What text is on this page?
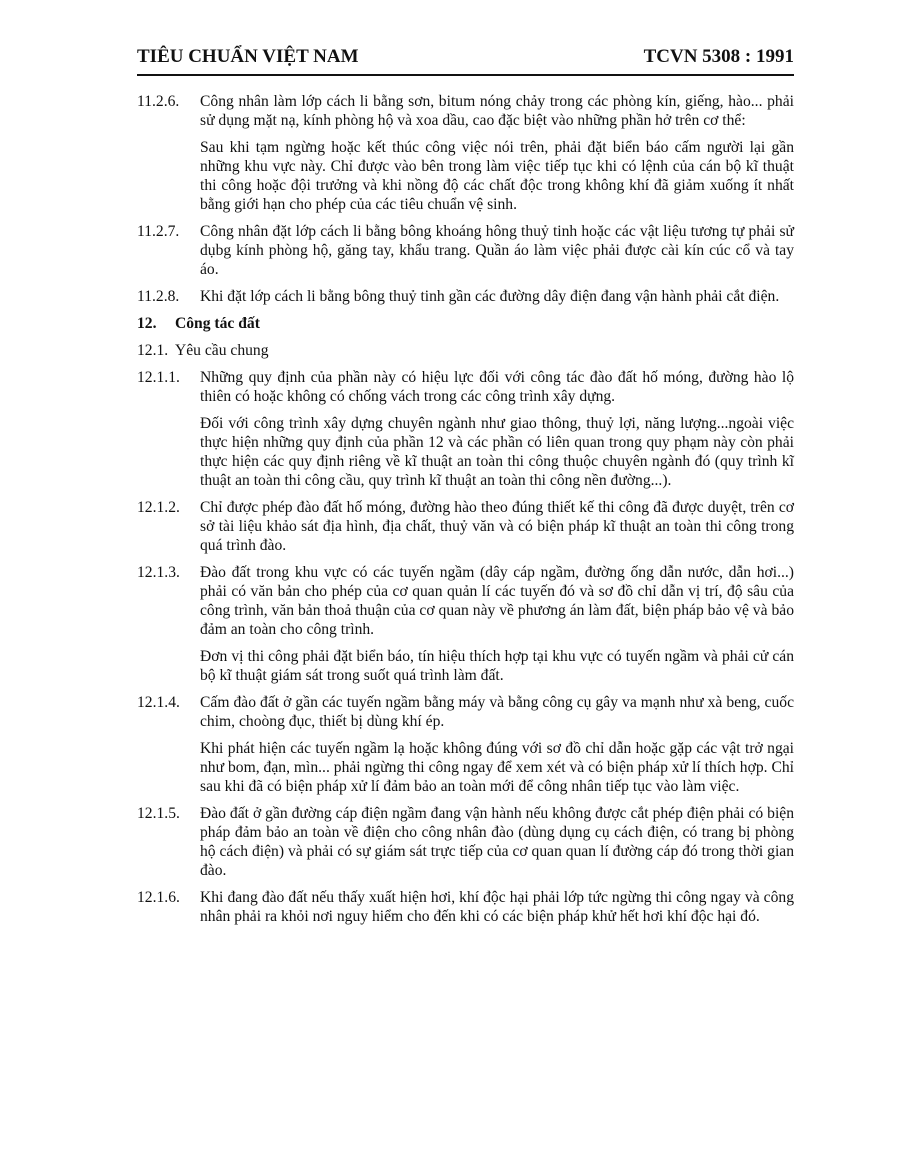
TIÊU CHUẨN VIỆT NAM	TCVN 5308 : 1991
11.2.6.	Công nhân làm lớp cách li bằng sơn, bitum nóng chảy trong các phòng kín, giếng, hào... phải sử dụng mặt nạ, kính phòng hộ và xoa dầu, cao đặc biệt vào những phần hở trên cơ thể:

Sau khi tạm ngừng hoặc kết thúc công việc nói trên, phải đặt biển báo cấm người lại gần những khu vực này. Chỉ được vào bên trong làm việc tiếp tục khi có lệnh của cán bộ kĩ thuật thi công hoặc đội trưởng và khi nồng độ các chất độc trong không khí đã giảm xuống ít nhất bằng giới hạn cho phép của các tiêu chuẩn vệ sinh.

11.2.7.	Công nhân đặt lớp cách li bằng bông khoáng hông thuỷ tinh hoặc các vật liệu tương tự phải sử dụbg kính phòng hộ, găng tay, khẩu trang. Quần áo làm việc phải được cài kín cúc cổ và tay áo.

11.2.8.	Khi đặt lớp cách li bằng bông thuỷ tinh gần các đường dây điện đang vận hành phải cắt điện.

12.	Công tác đất
12.1. Yêu cầu chung
12.1.1.	Những quy định của phần này có hiệu lực đối với công tác đào đất hố móng, đường hào lộ thiên có hoặc không có chống vách trong các công trình xây dựng.

Đối với công trình xây dựng chuyên ngành như giao thông, thuỷ lợi, năng lượng...ngoài việc thực hiện những quy định của phần 12 và các phần có liên quan trong quy phạm này còn phải thực hiện các quy định riêng về kĩ thuật an toàn thi công thuộc chuyên ngành đó (quy trình kĩ thuật an toàn thi công cầu, quy trình kĩ thuật an toàn thi công nền đường...).

12.1.2.	Chỉ được phép đào đất hố móng, đường hào theo đúng thiết kế thi công đã được duyệt, trên cơ sở tài liệu khảo sát địa hình, địa chất, thuỷ văn và có biện pháp kĩ thuật an toàn thi công trong quá trình đào.

12.1.3.	Đào đất trong khu vực có các tuyến ngầm (dây cáp ngầm, đường ống dẫn nước, dẫn hơi...) phải có văn bản cho phép của cơ quan quản lí các tuyến đó và sơ đồ chỉ dẫn vị trí, độ sâu của công trình, văn bản thoả thuận của cơ quan này về phương án làm đất, biện pháp bảo vệ và bảo đảm an toàn cho công trình.

Đơn vị thi công phải đặt biển báo, tín hiệu thích hợp tại khu vực có tuyến ngầm và phải cử cán bộ kĩ thuật giám sát trong suốt quá trình làm đất.

12.1.4.	Cấm đào đất ở gần các tuyến ngầm bằng máy và bằng công cụ gây va mạnh như xà beng, cuốc chim, choòng đục, thiết bị dùng khí ép.

Khi phát hiện các tuyến ngầm lạ hoặc không đúng với sơ đồ chỉ dẫn hoặc gặp các vật trở ngại như bom, đạn, mìn... phải ngừng thi công ngay để xem xét và có biện pháp xử lí thích hợp. Chỉ sau khi đã có biện pháp xử lí đảm bảo an toàn mới để công nhân tiếp tục vào làm việc.

12.1.5.	Đào đất ở gần đường cáp điện ngầm đang vận hành nếu không được cắt phép điện phải có biện pháp đảm bảo an toàn về điện cho công nhân đào (dùng dụng cụ cách điện, có trang bị phòng hộ cách điện) và phải có sự giám sát trực tiếp của cơ quan quan lí đường cáp đó trong thời gian đào.

12.1.6.	Khi đang đào đất nếu thấy xuất hiện hơi, khí độc hại phải lớp tức ngừng thi công ngay và công nhân phải ra khỏi nơi nguy hiểm cho đến khi có các biện pháp khử hết hơi khí độc hại đó.
